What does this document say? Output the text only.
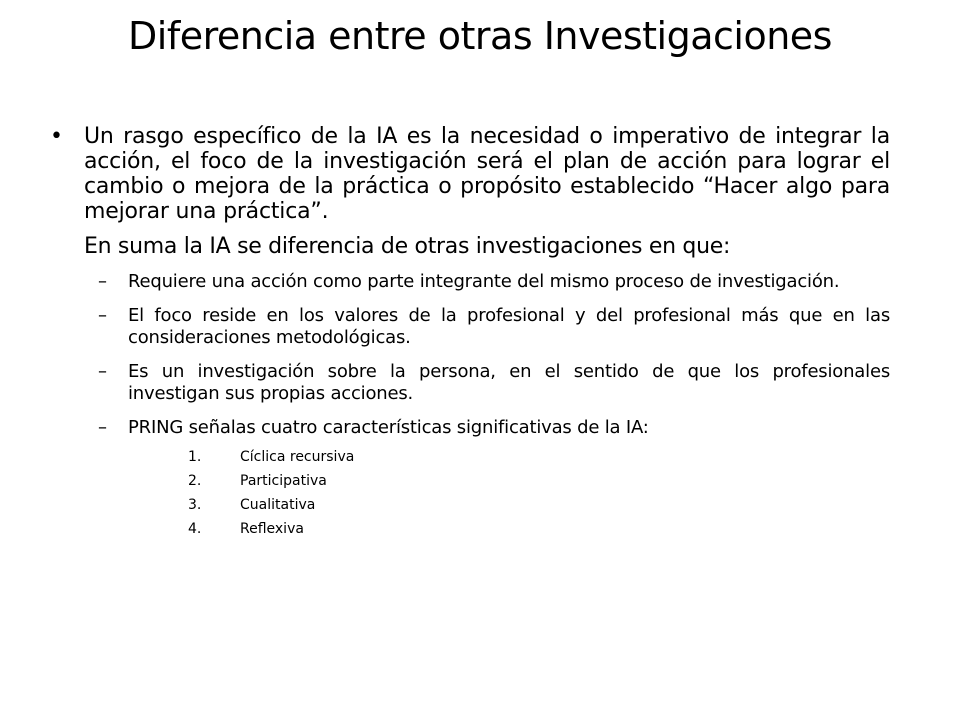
Diferencia entre otras Investigaciones
• Un rasgo específico de la IA es la necesidad o imperativo de integrar la acción, el foco de la investigación será el plan de acción para lograr el cambio o mejora de la práctica o propósito establecido “Hacer algo para mejorar una práctica”.
En suma la IA se diferencia de otras investigaciones en que:
– Requiere una acción como parte integrante del mismo proceso de investigación.
– El foco reside en los valores de la profesional y del profesional más que en las consideraciones metodológicas.
– Es un investigación sobre la persona, en el sentido de que los profesionales investigan sus propias acciones.
– PRING señalas cuatro características significativas de la IA:
1.	Cíclica recursiva
2.	Participativa
3.	Cualitativa
4.	Reflexiva
